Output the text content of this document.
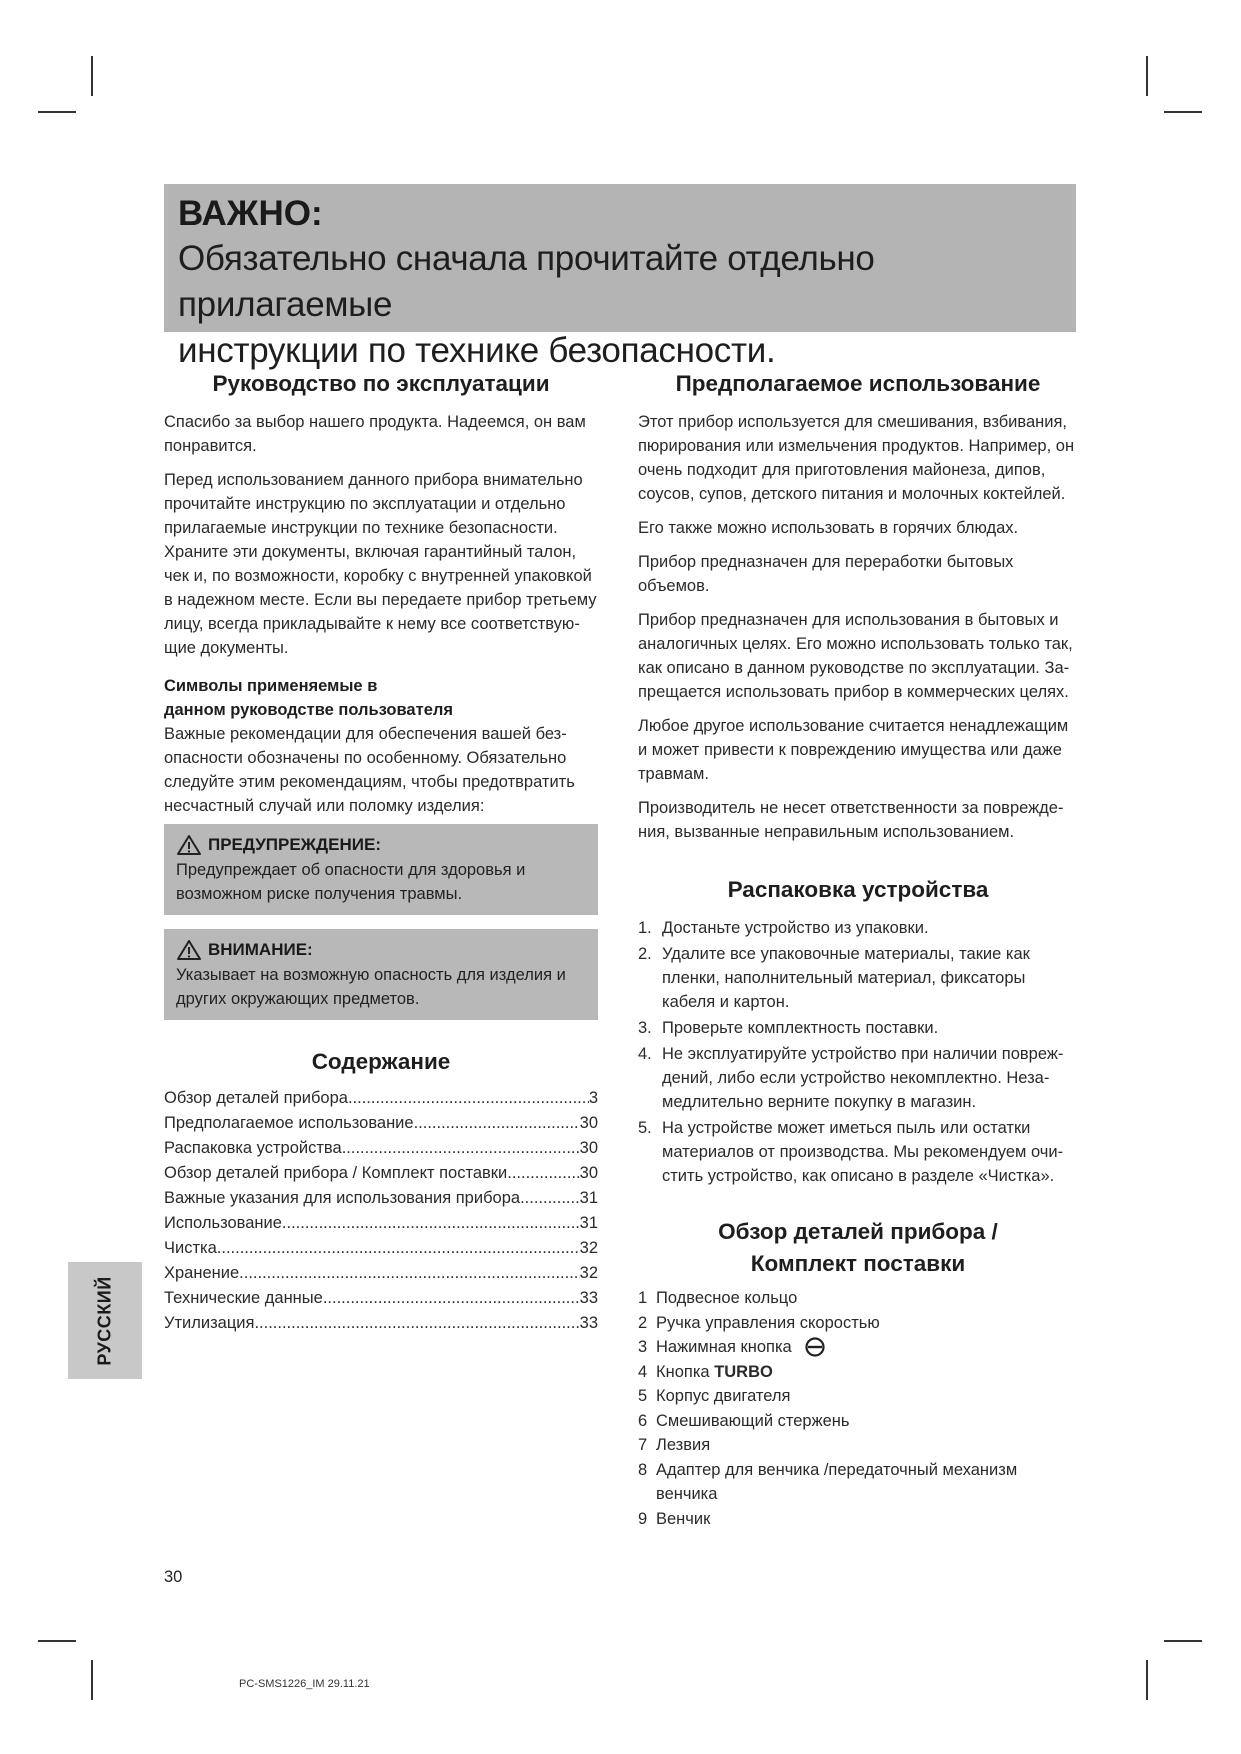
ВАЖНО:
Обязательно сначала прочитайте отдельно прилагаемые
инструкции по технике безопасности.
Руководство по эксплуатации

Спасибо за выбор нашего продукта. Надеемся, он вам понравится.

Перед использованием данного прибора внимательно прочитайте инструкцию по эксплуатации и отдельно прилагаемые инструкции по технике безопасности. Храните эти документы, включая гарантийный талон, чек и, по возможности, коробку с внутренней упаковкой в надежном месте. Если вы передаете прибор третьему лицу, всегда прикладывайте к нему все соответствующие документы.

Символы применяемые в
данном руководстве пользователя

Важные рекомендации для обеспечения вашей безопасности обозначены по особенному. Обязательно следуйте этим рекомендациям, чтобы предотвратить несчастный случай или поломку изделия:

ПРЕДУПРЕЖДЕНИЕ:
Предупреждает об опасности для здоровья и возможном риске получения травмы.
ВНИМАНИЕ:
Указывает на возможную опасность для изделия и других окружающих предметов.
Содержание
Обзор деталей прибора .....	3
Предполагаемое использование .....	30
Распаковка устройства .....	30
Обзор деталей прибора / Комплект поставки .....	30
Важные указания для использования прибора .....	31
Использование .....	31
Чистка .....	32
Хранение .....	32
Технические данные .....	33
Утилизация .....	33
Предполагаемое использование

Этот прибор используется для смешивания, взбивания, пюрирования или измельчения продуктов. Например, он очень подходит для приготовления майонеза, дипов, соусов, супов, детского питания и молочных коктейлей.

Его также можно использовать в горячих блюдах.

Прибор предназначен для переработки бытовых объемов.

Прибор предназначен для использования в бытовых и аналогичных целях. Его можно использовать только так, как описано в данном руководстве по эксплуатации. Запрещается использовать прибор в коммерческих целях.

Любое другое использование считается ненадлежащим и может привести к повреждению имущества или даже травмам.

Производитель не несет ответственности за повреждения, вызванные неправильным использованием.

Распаковка устройства
1. Достаньте устройство из упаковки.
2. Удалите все упаковочные материалы, такие как пленки, наполнительный материал, фиксаторы кабеля и картон.
3. Проверьте комплектность поставки.
4. Не эксплуатируйте устройство при наличии повреждений, либо если устройство некомплектно. Незамедлительно верните покупку в магазин.
5. На устройстве может иметься пыль или остатки материалов от производства. Мы рекомендуем очистить устройство, как описано в разделе «Чистка».
Обзор деталей прибора /
Комплект поставки
1 Подвесное кольцо
2 Ручка управления скоростью
3 Нажимная кнопка
4 Кнопка
TURBO
5 Корпус двигателя
6 Смешивающий стержень
7 Лезвия
8 Адаптер для венчика /передаточный механизм венчика
9 Венчик
РУССКИЙ
30
PC-SMS1226_IM 29.11.21
